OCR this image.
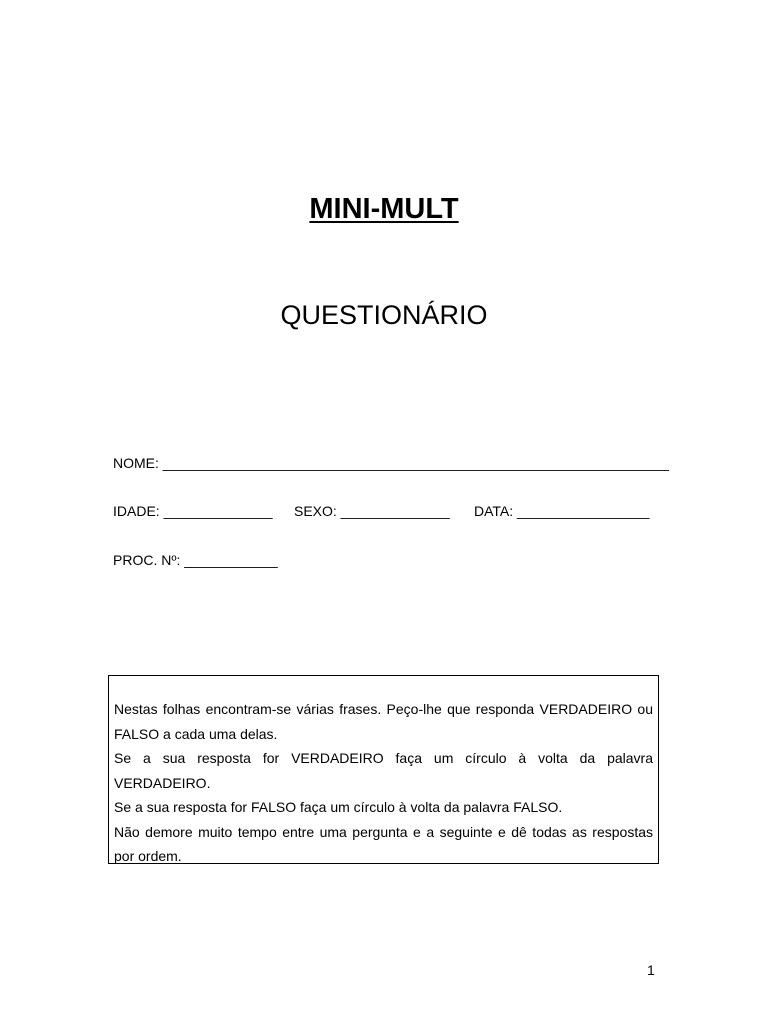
MINI-MULT
QUESTIONÁRIO
NOME: _________________________________________________________________
IDADE: ______________ SEXO: ______________ DATA: _________________
PROC. Nº: ____________

Nestas folhas encontram-se várias frases. Peço-lhe que responda VERDADEIRO ou FALSO a cada uma delas.

Se a sua resposta for VERDADEIRO faça um círculo à volta da palavra VERDADEIRO.

Se a sua resposta for FALSO faça um círculo à volta da palavra FALSO.

Não demore muito tempo entre uma pergunta e a seguinte e dê todas as respostas por ordem.

1
